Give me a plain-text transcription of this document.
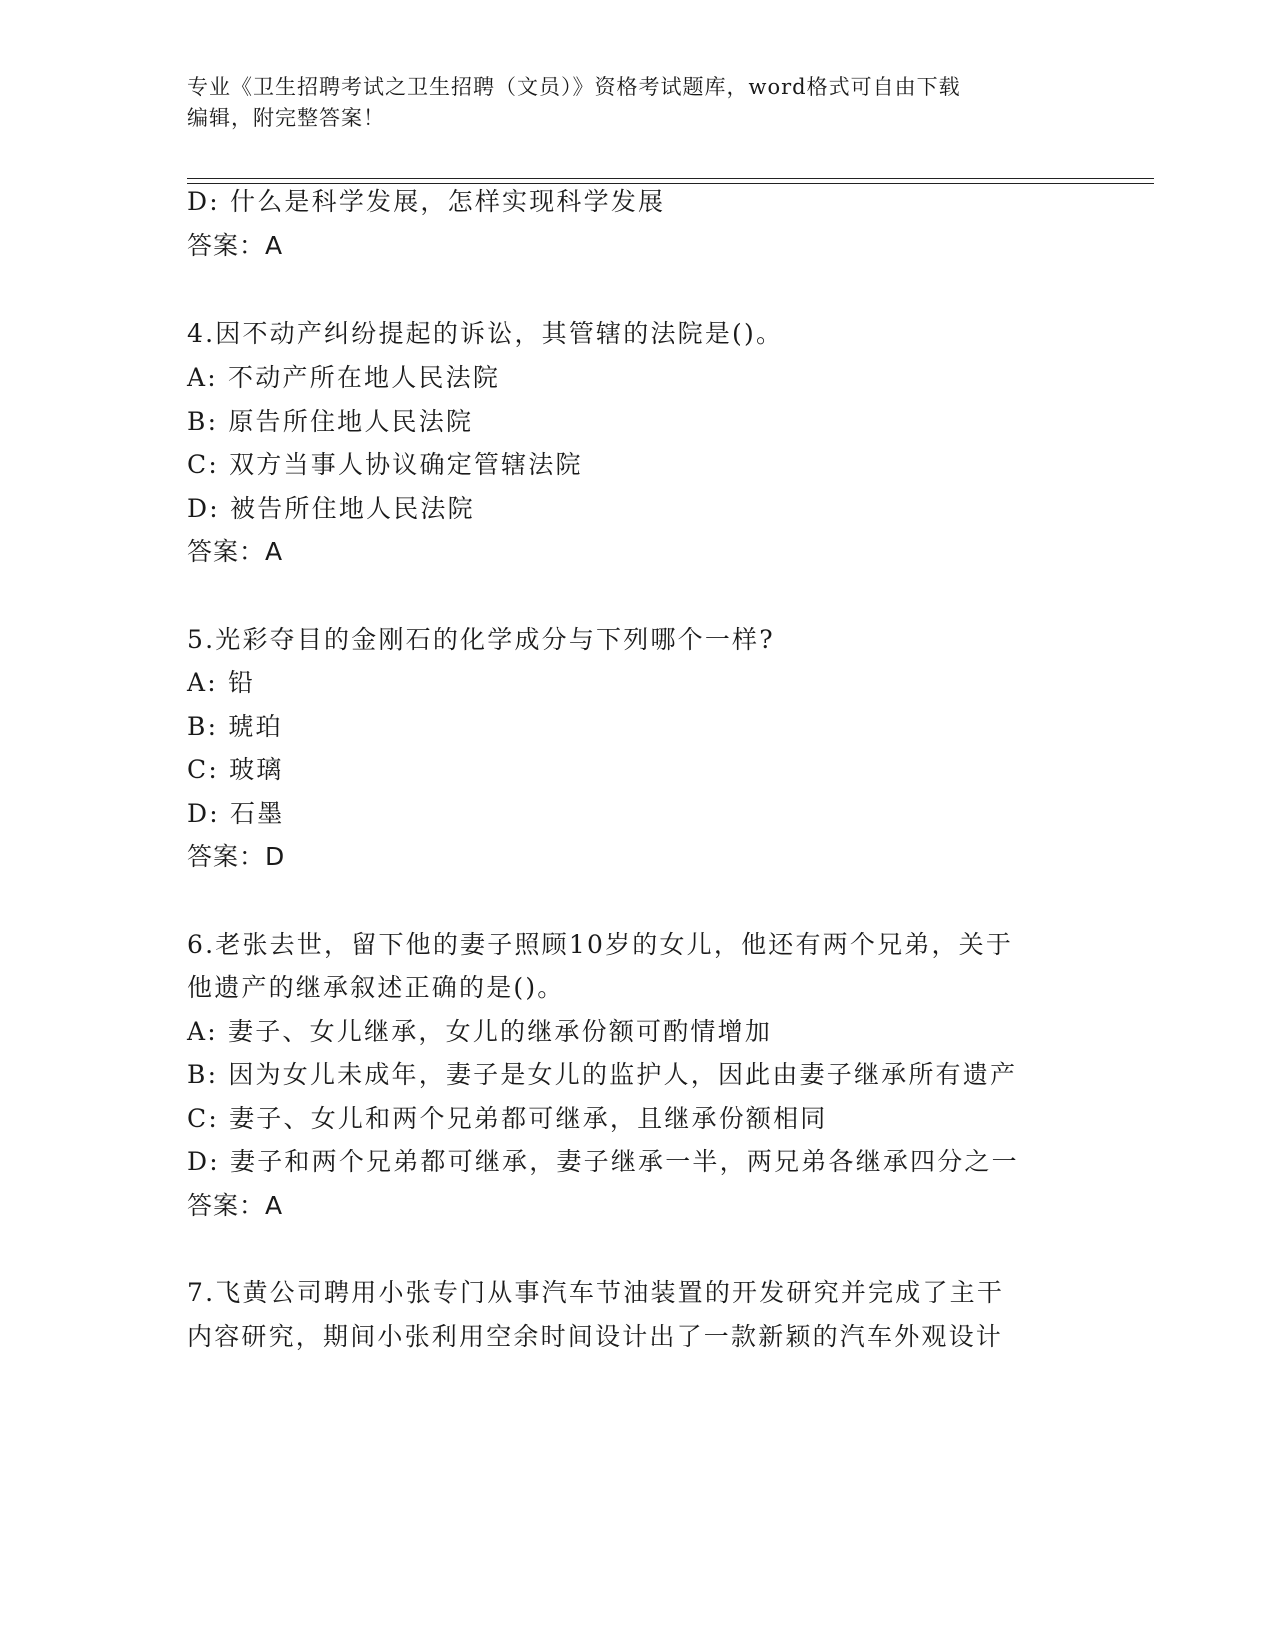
专业《卫生招聘考试之卫生招聘（文员）》资格考试题库，word格式可自由下载
编辑，附完整答案！
D: 什么是科学发展，怎样实现科学发展
答案：A
4.因不动产纠纷提起的诉讼，其管辖的法院是()。
A: 不动产所在地人民法院
B: 原告所住地人民法院
C: 双方当事人协议确定管辖法院
D: 被告所住地人民法院
答案：A
5.光彩夺目的金刚石的化学成分与下列哪个一样?
A: 铅
B: 琥珀
C: 玻璃
D: 石墨
答案：D
6.老张去世，留下他的妻子照顾10岁的女儿，他还有两个兄弟，关于
他遗产的继承叙述正确的是()。
A: 妻子、女儿继承，女儿的继承份额可酌情增加
B: 因为女儿未成年，妻子是女儿的监护人，因此由妻子继承所有遗产
C: 妻子、女儿和两个兄弟都可继承，且继承份额相同
D: 妻子和两个兄弟都可继承，妻子继承一半，两兄弟各继承四分之一
答案：A
7.飞黄公司聘用小张专门从事汽车节油装置的开发研究并完成了主干
内容研究，期间小张利用空余时间设计出了一款新颖的汽车外观设计
